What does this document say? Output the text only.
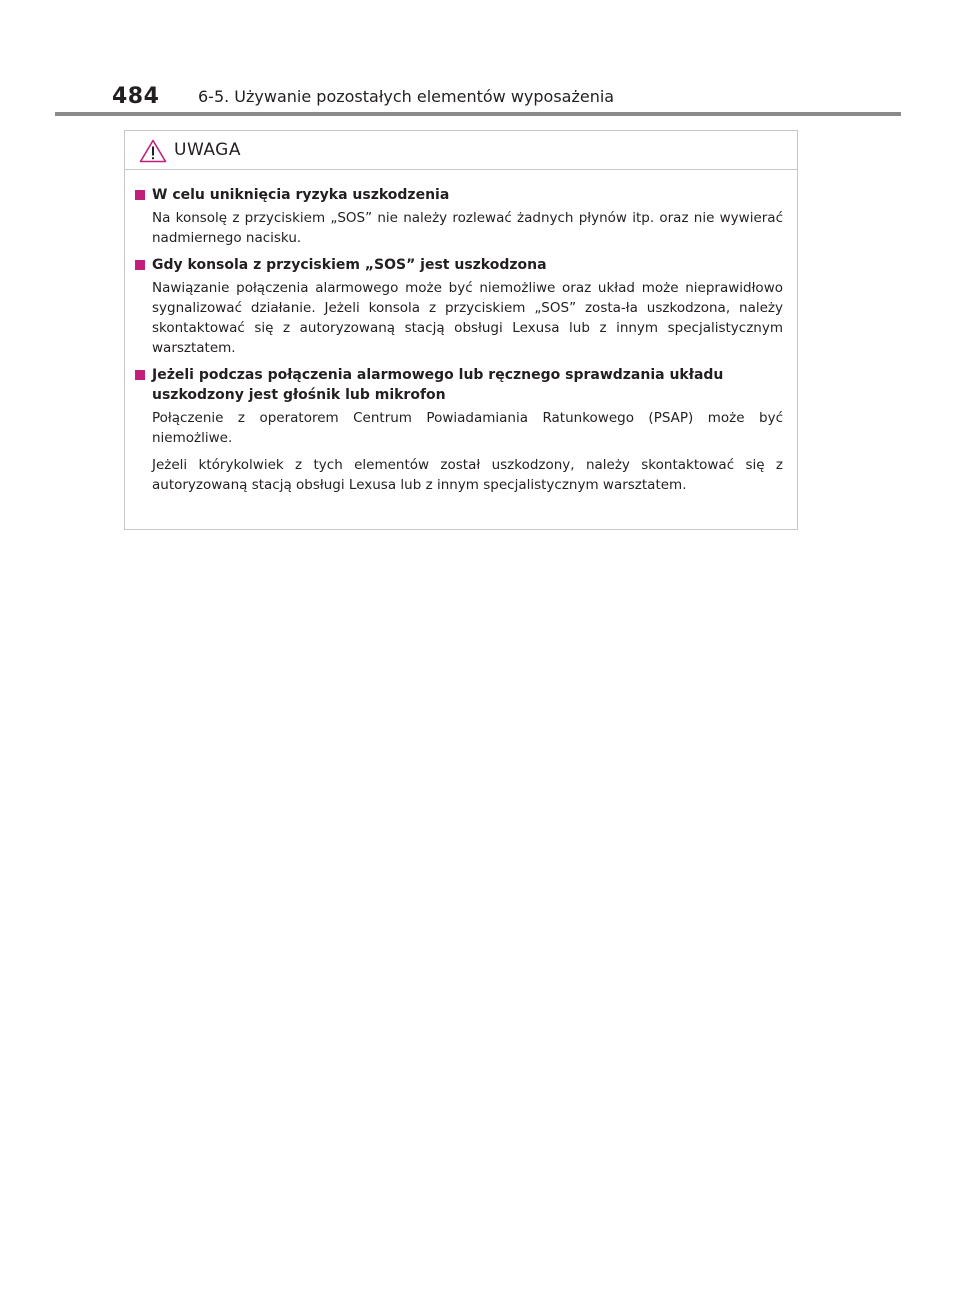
484 6-5. Używanie pozostałych elementów wyposażenia
UWAGA
W celu uniknięcia ryzyka uszkodzenia
Na konsolę z przyciskiem „SOS” nie należy rozlewać żadnych płynów itp. oraz nie wywierać nadmiernego nacisku.
Gdy konsola z przyciskiem „SOS” jest uszkodzona
Nawiązanie połączenia alarmowego może być niemożliwe oraz układ może nieprawidłowo sygnalizować działanie. Jeżeli konsola z przyciskiem „SOS” zosta-ła uszkodzona, należy skontaktować się z autoryzowaną stacją obsługi Lexusa lub z innym specjalistycznym warsztatem.
Jeżeli podczas połączenia alarmowego lub ręcznego sprawdzania układu uszkodzony jest głośnik lub mikrofon
Połączenie z operatorem Centrum Powiadamiania Ratunkowego (PSAP) może być niemożliwe.
Jeżeli którykolwiek z tych elementów został uszkodzony, należy skontaktować się z autoryzowaną stacją obsługi Lexusa lub z innym specjalistycznym warsztatem.
